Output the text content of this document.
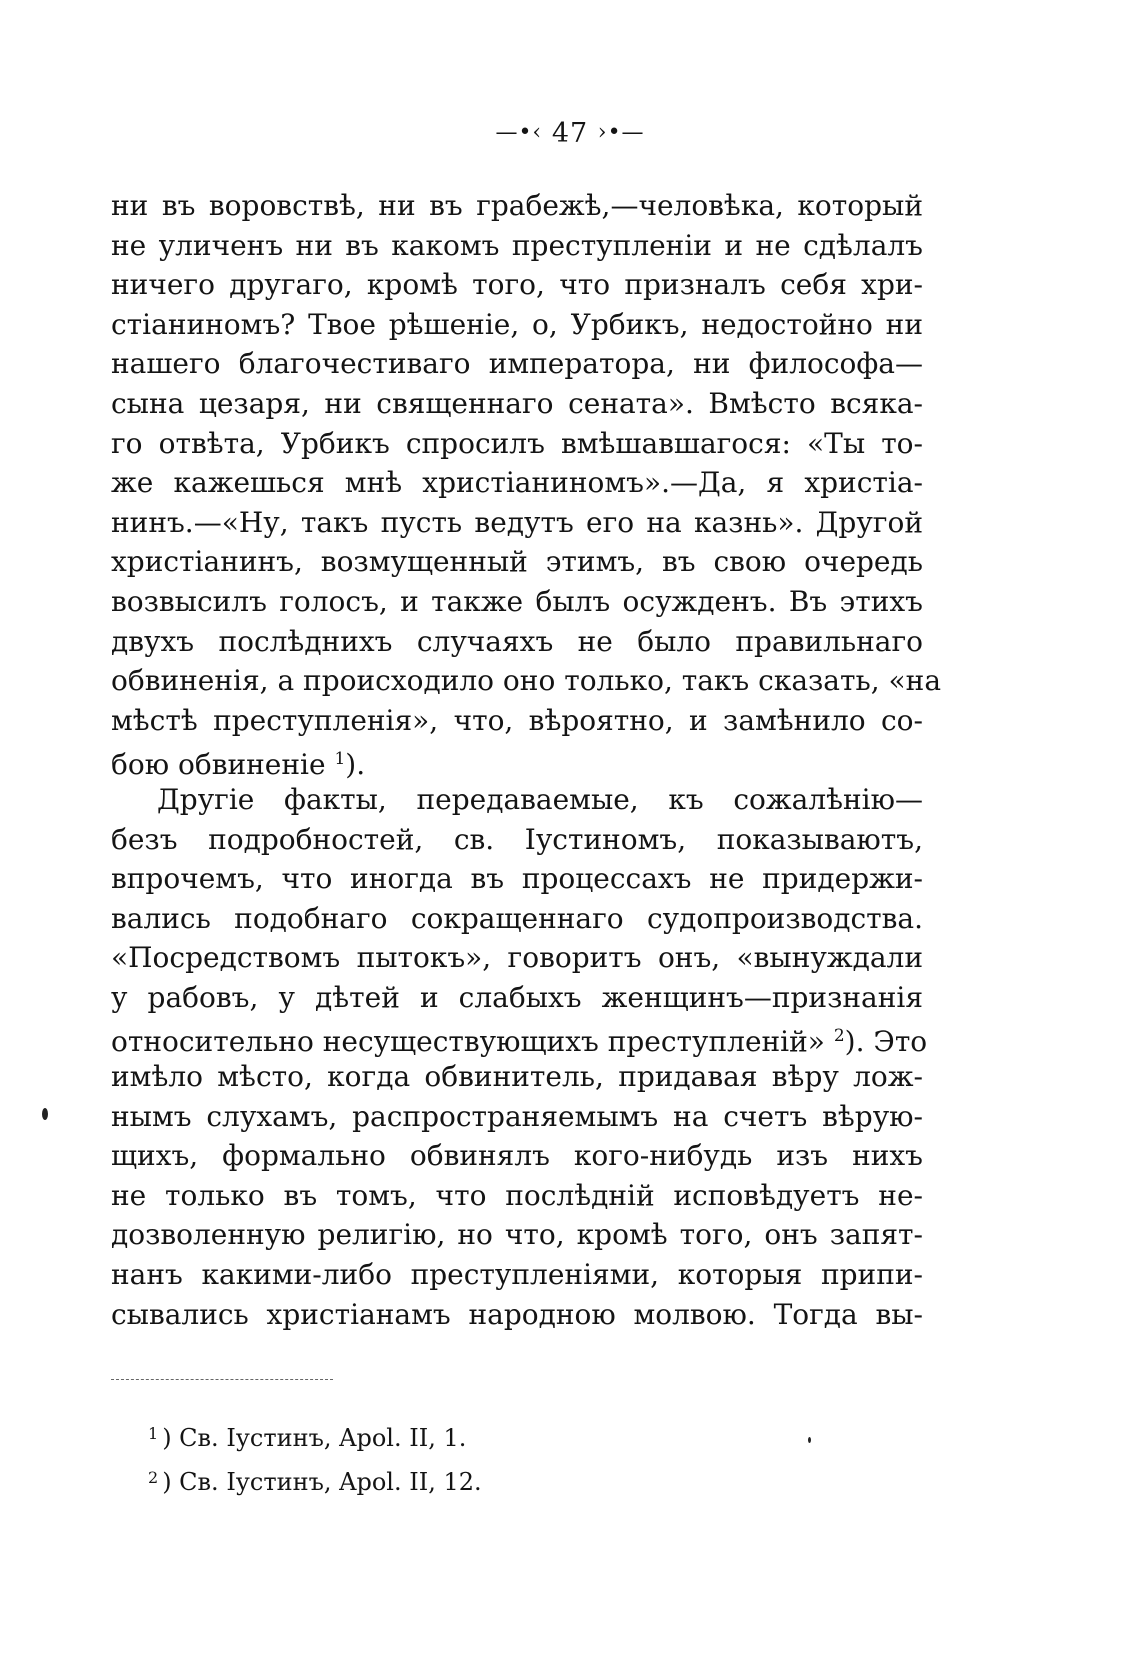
—•‹ 47 ›•—
ни въ воровствѣ, ни въ грабежѣ,—человѣка, который
не уличенъ ни въ какомъ преступленіи и не сдѣлалъ
ничего другаго, кромѣ того, что призналъ себя хри-
стіаниномъ? Твое рѣшеніе, о, Урбикъ, недостойно ни
нашего благочестиваго императора, ни философа—
сына цезаря, ни священнаго сената». Вмѣсто всяка-
го отвѣта, Урбикъ спросилъ вмѣшавшагося: «Ты то-
же кажешься мнѣ христіаниномъ».—Да, я христіа-
нинъ.—«Ну, такъ пусть ведутъ его на казнь». Другой
христіанинъ, возмущенный этимъ, въ свою очередь
возвысилъ голосъ, и также былъ осужденъ. Въ этихъ
двухъ послѣднихъ случаяхъ не было правильнаго
обвиненія, а происходило оно только, такъ сказать, «на
мѣстѣ преступленія», что, вѣроятно, и замѣнило со-
бою обвиненіе $^1$).
Другіе факты, передаваемые, къ сожалѣнію—
безъ подробностей, св. Іустиномъ, показываютъ,
впрочемъ, что иногда въ процессахъ не придержи-
вались подобнаго сокращеннаго судопроизводства.
«Посредствомъ пытокъ», говоритъ онъ, «вынуждали
у рабовъ, у дѣтей и слабыхъ женщинъ—признанія
относительно несуществующихъ преступленій» $^2$). Это
имѣло мѣсто, когда обвинитель, придавая вѣру лож-
нымъ слухамъ, распространяемымъ на счетъ вѣрую-
щихъ, формально обвинялъ кого-нибудь изъ нихъ
не только въ томъ, что послѣдній исповѣдуетъ не-
дозволенную религію, но что, кромѣ того, онъ запят-
нанъ какими-либо преступленіями, которыя припи-
сывались христіанамъ народною молвою. Тогда вы-
$^1$ ) Св. Іустинъ, Apol. II, 1.
$^2$ ) Св. Іустинъ, Apol. II, 12.
